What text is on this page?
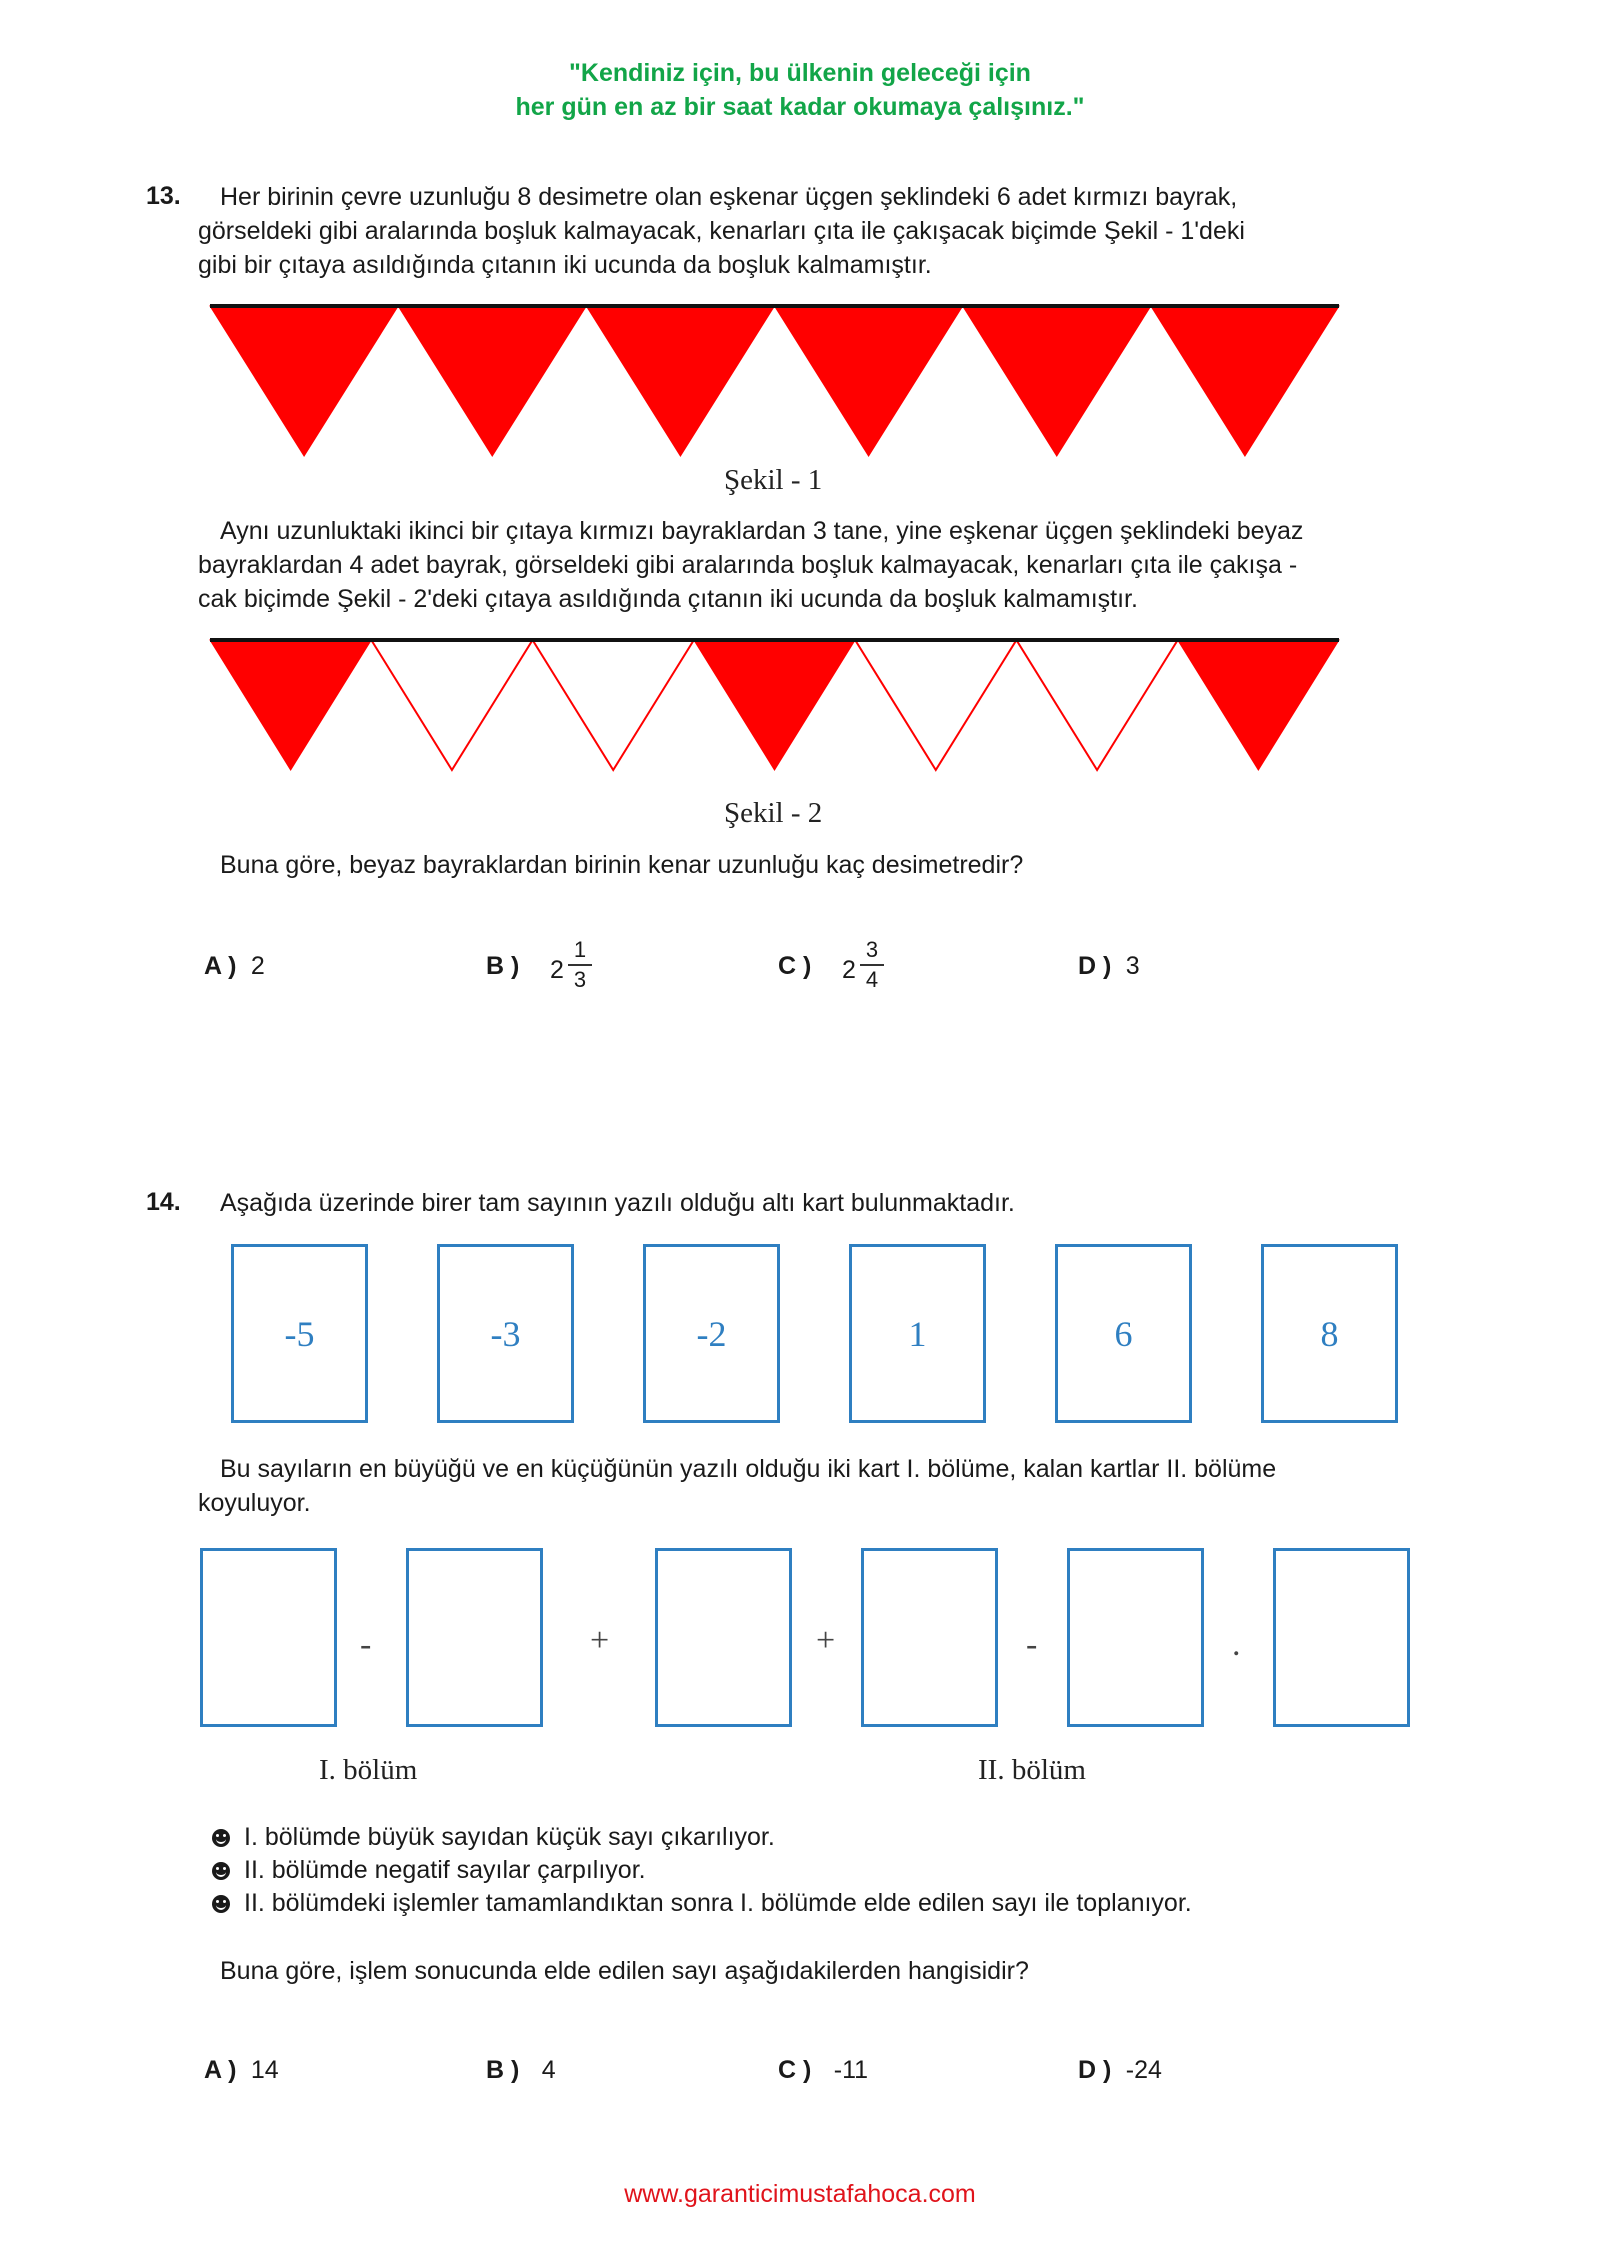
"Kendiniz için, bu ülkenin geleceği için
her gün en az bir saat kadar okumaya çalışınız."
13. Her birinin çevre uzunluğu 8 desimetre olan eşkenar üçgen şeklindeki 6 adet kırmızı bayrak,
görseldeki gibi aralarında boşluk kalmayacak, kenarları çıta ile çakışacak biçimde Şekil - 1'deki
gibi bir çıtaya asıldığında çıtanın iki ucunda da boşluk kalmamıştır.
Şekil - 1
Aynı uzunluktaki ikinci bir çıtaya kırmızı bayraklardan 3 tane, yine eşkenar üçgen şeklindeki beyaz
bayraklardan 4 adet bayrak, görseldeki gibi aralarında boşluk kalmayacak, kenarları çıta ile çakışa -
cak biçimde Şekil - 2'deki çıtaya asıldığında çıtanın iki ucunda da boşluk kalmamıştır.
Şekil - 2
Buna göre, beyaz bayraklardan birinin kenar uzunluğu kaç desimetredir?
A ) 2	B ) 2
1
3	C ) 2
3
4	D ) 3
14. Aşağıda üzerinde birer tam sayının yazılı olduğu altı kart bulunmaktadır.
-5	-3	-2	1	6	8
Bu sayıların en büyüğü ve en küçüğünün yazılı olduğu iki kart I. bölüme, kalan kartlar II. bölüme
koyuluyor.
-	+	+	-	.
I. bölüm	II. bölüm
I. bölümde büyük sayıdan küçük sayı çıkarılıyor.
II. bölümde negatif sayılar çarpılıyor.
II. bölümdeki işlemler tamamlandıktan sonra I. bölümde elde edilen sayı ile toplanıyor.
Buna göre, işlem sonucunda elde edilen sayı aşağıdakilerden hangisidir?
A ) 14	B ) 4	C ) -11	D ) -24
www.garanticimustafahoca.com
